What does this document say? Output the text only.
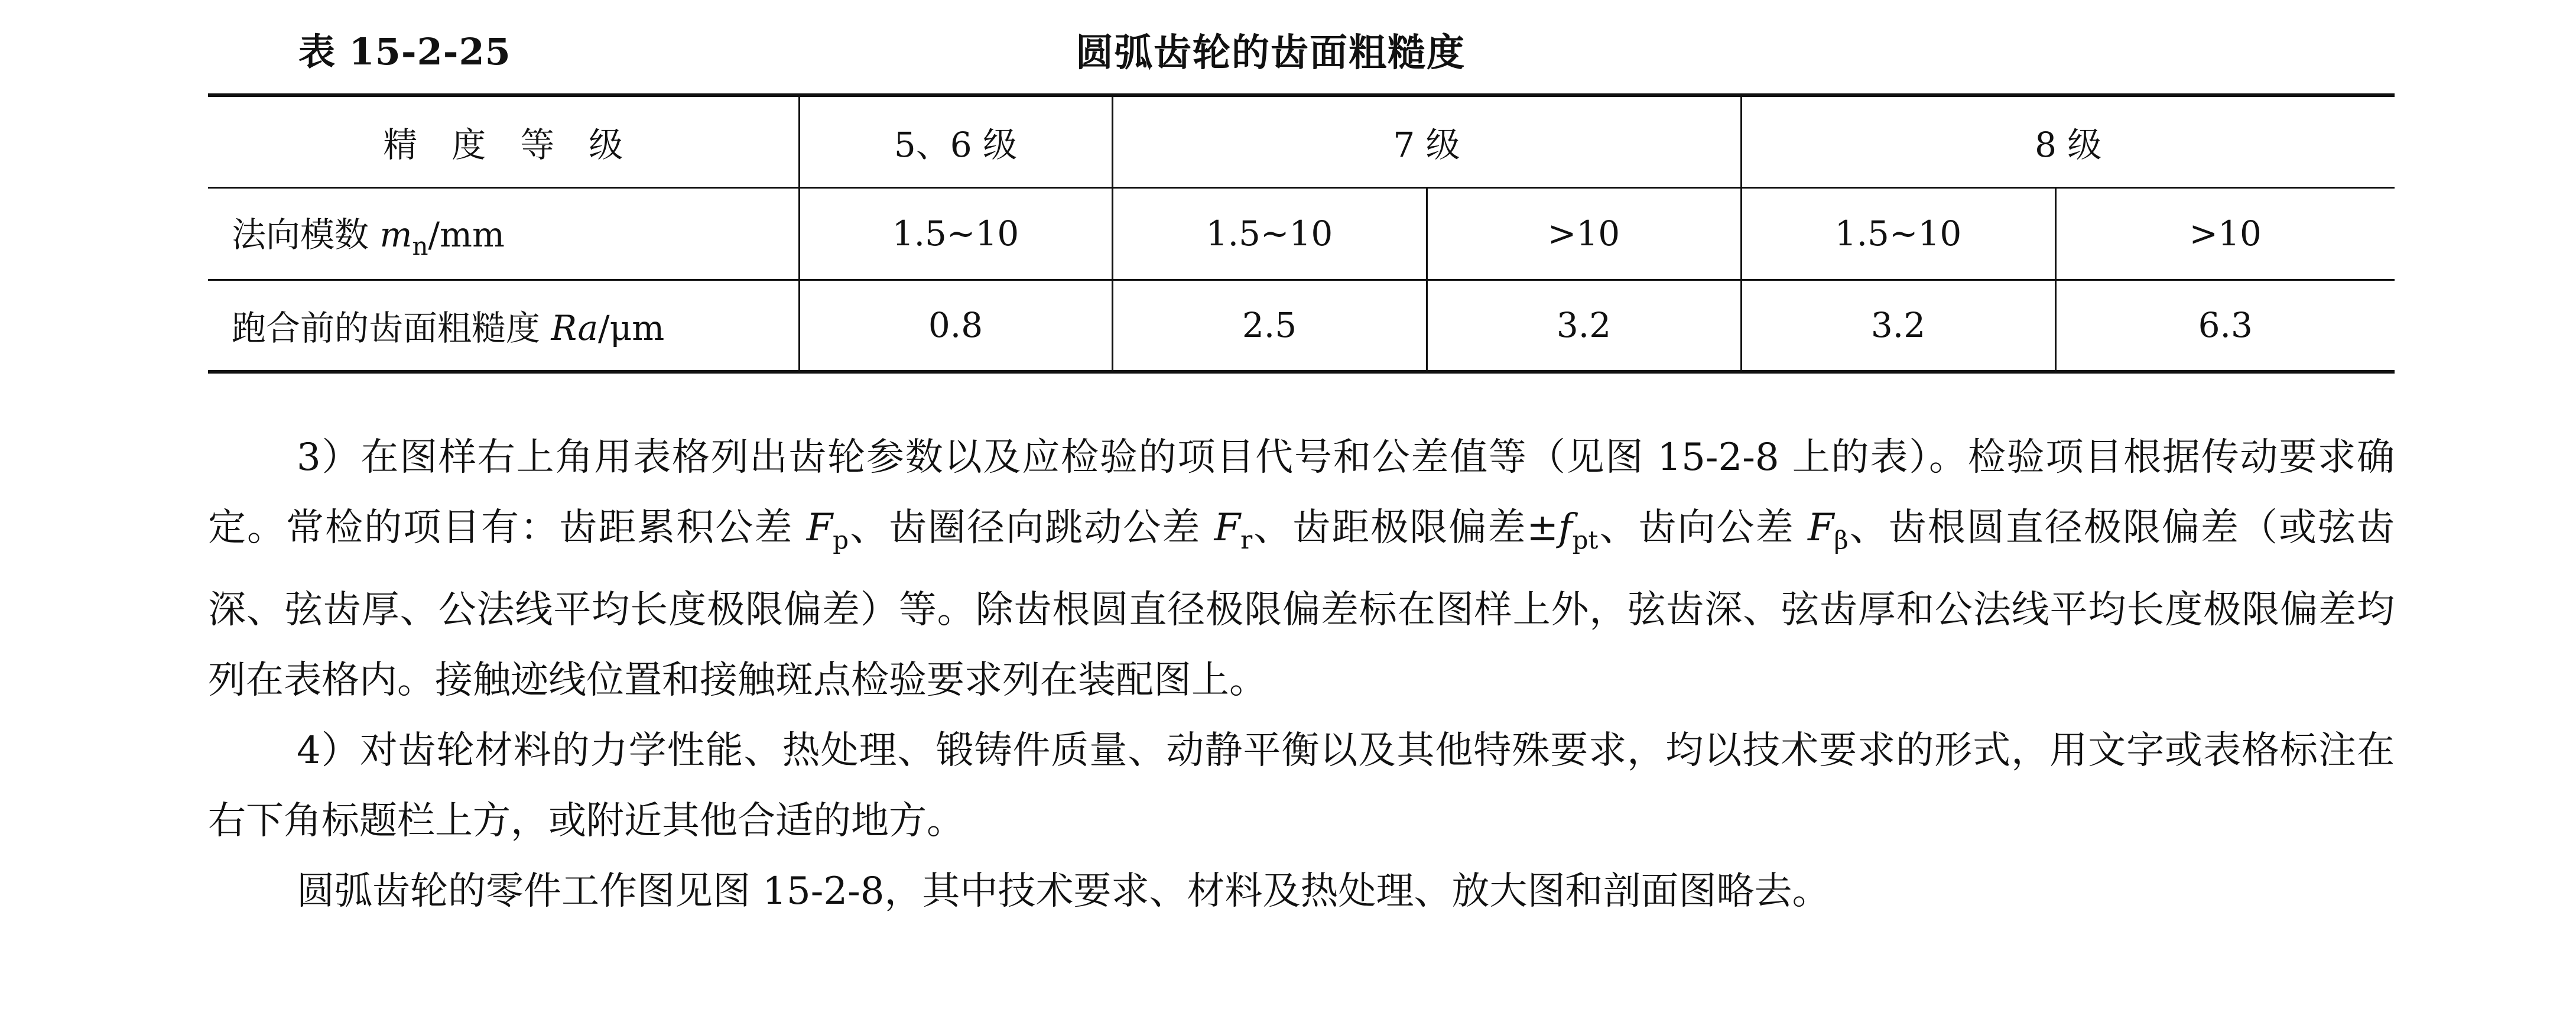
表 15-2-25	圆弧齿轮的齿面粗糙度
精度等级	5、6 级	7 级		8 级	
法向模数 $m_n/mm$	1.5~10	1.5~10	>10	1.5~10	>10
跑合前的齿面粗糙度 Ra/μm	0.8	2.5	3.2	3.2	6.3

3）在图样右上角用表格列出齿轮参数以及应检验的项目代号和公差值等（见图 15-2-8 上的表）。检验项目根据传动要求确定。常检的项目有：齿距累积公差 $F_p$、齿圈径向跳动公差 $F_r$、齿距极限偏差$\pm f_{pt}$、齿向公差 $F_\beta$、齿根圆直径极限偏差（或弦齿深、弦齿厚、公法线平均长度极限偏差）等。除齿根圆直径极限偏差标在图样上外，弦齿深、弦齿厚和公法线平均长度极限偏差均列在表格内。接触迹线位置和接触斑点检验要求列在装配图上。

4）对齿轮材料的力学性能、热处理、锻铸件质量、动静平衡以及其他特殊要求，均以技术要求的形式，用文字或表格标注在右下角标题栏上方，或附近其他合适的地方。

圆弧齿轮的零件工作图见图 15-2-8，其中技术要求、材料及热处理、放大图和剖面图略去。
